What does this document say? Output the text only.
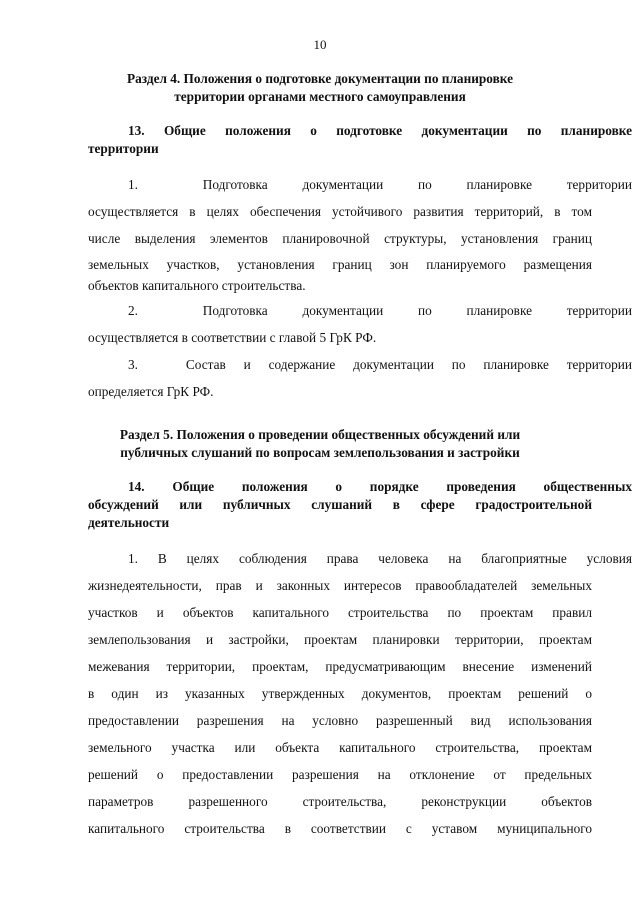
10
Раздел 4. Положения о подготовке документации по планировке
территории органами местного самоуправления
13. Общие положения о подготовке документации по планировке
территории
1.	Подготовка документации по планировке территории
осуществляется в целях обеспечения устойчивого развития территорий, в том
числе выделения элементов планировочной структуры, установления границ
земельных участков, установления границ зон планируемого размещения
объектов капитального строительства.
2.	Подготовка документации по планировке территории
осуществляется в соответствии с главой 5 ГрК РФ.
3.	Состав и содержание документации по планировке территории
определяется ГрК РФ.
Раздел 5. Положения о проведении общественных обсуждений или
публичных слушаний по вопросам землепользования и застройки
14. Общие положения о порядке проведения общественных
обсуждений или публичных слушаний в сфере градостроительной
деятельности
1. В целях соблюдения права человека на благоприятные условия
жизнедеятельности, прав и законных интересов правообладателей земельных
участков и объектов капитального строительства по проектам правил
землепользования и застройки, проектам планировки территории, проектам
межевания территории, проектам, предусматривающим внесение изменений
в один из указанных утвержденных документов, проектам решений о
предоставлении разрешения на условно разрешенный вид использования
земельного участка или объекта капитального строительства, проектам
решений о предоставлении разрешения на отклонение от предельных
параметров разрешенного строительства, реконструкции объектов
капитального строительства в соответствии с уставом муниципального
